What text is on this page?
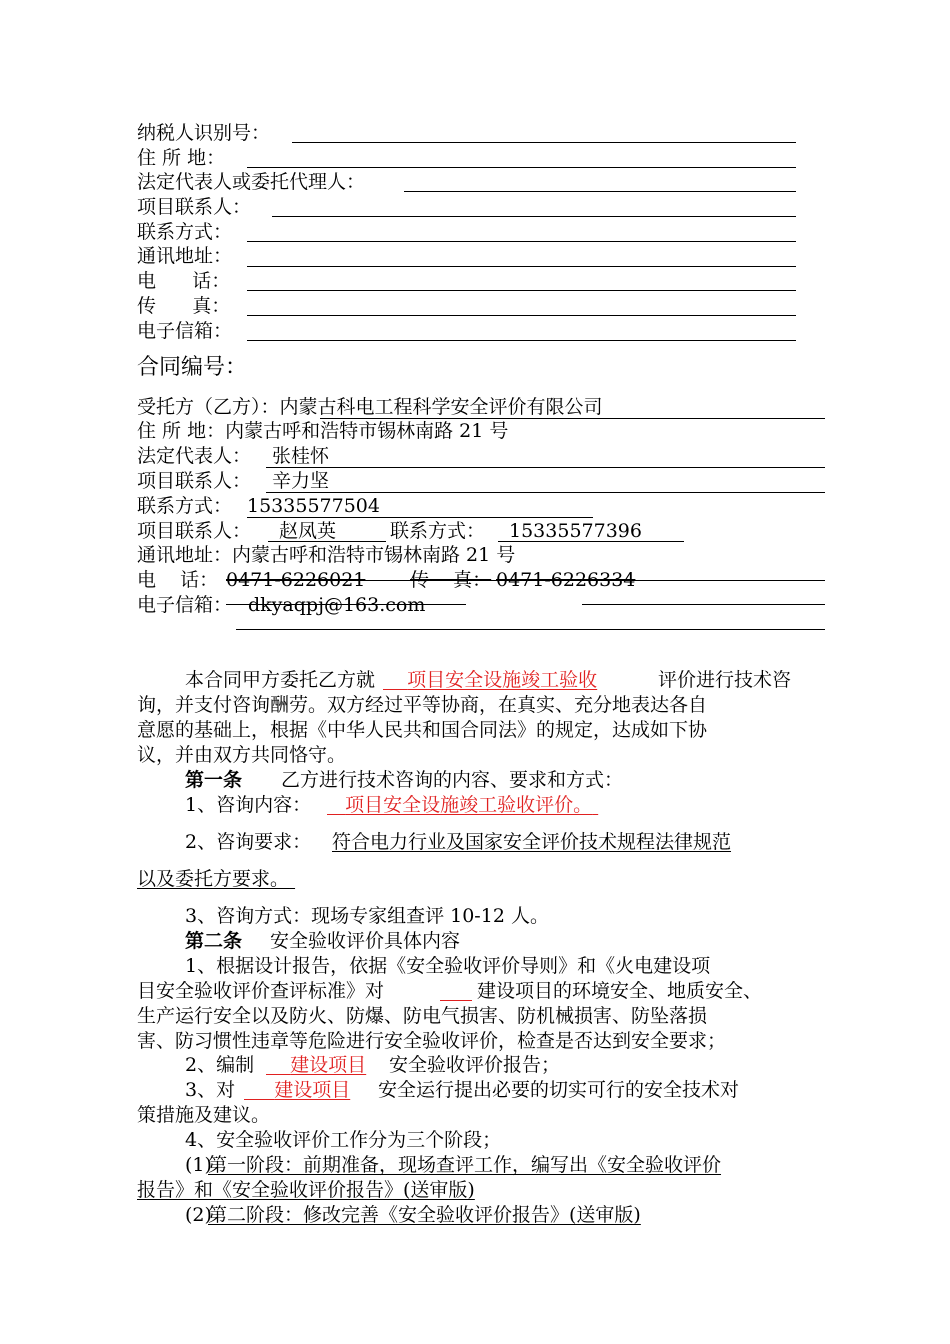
纳税人识别号：
住 所 地：
法定代表人或委托代理人：
项目联系人：
联系方式：
通讯地址：
电      话：
传      真：
电子信箱：
合同编号：
受托方（乙方）：内蒙古科电工程科学安全评价有限公司
住 所 地：内蒙古呼和浩特市锡林南路 21 号
法定代表人： 张桂怀
项目联系人： 辛力坚
联系方式： 15335577504
项目联系人： 赵凤英	联系方式： 15335577396
通讯地址：内蒙古呼和浩特市锡林南路 21 号
电    话： 0471-6226021 传    真： 0471-6226334
电子信箱： dkyaqpj@163.com
本合同甲方委托乙方就	项目安全设施竣工验收	评价进行技术咨
询，并支付咨询酬劳。双方经过平等协商，在真实、充分地表达各自
意愿的基础上，根据《中华人民共和国合同法》的规定，达成如下协
议，并由双方共同恪守。
第一条 乙方进行技术咨询的内容、要求和方式：
1、咨询内容：	项目安全设施竣工验收评价。
2、咨询要求： 符合电力行业及国家安全评价技术规程法律规范
以及委托方要求。
3、咨询方式：现场专家组查评 10-12 人。
第二条 安全验收评价具体内容
1、根据设计报告，依据《安全验收评价导则》和《火电建设项
目安全验收评价查评标准》对	建设项目的环境安全、地质安全、
生产运行安全以及防火、防爆、防电气损害、防机械损害、防坠落损
害、防习惯性违章等危险进行安全验收评价，检查是否达到安全要求；
2、编制	建设项目 安全验收评价报告；
3、对	建设项目 安全运行提出必要的切实可行的安全技术对
策措施及建议。
4、安全验收评价工作分为三个阶段；
(1)
第一阶段：前期准备，现场查评工作，编写出《安全验收评价
报告》和《安全验收评价报告》(送审版)
(2)
第二阶段：修改完善《安全验收评价报告》(送审版)
